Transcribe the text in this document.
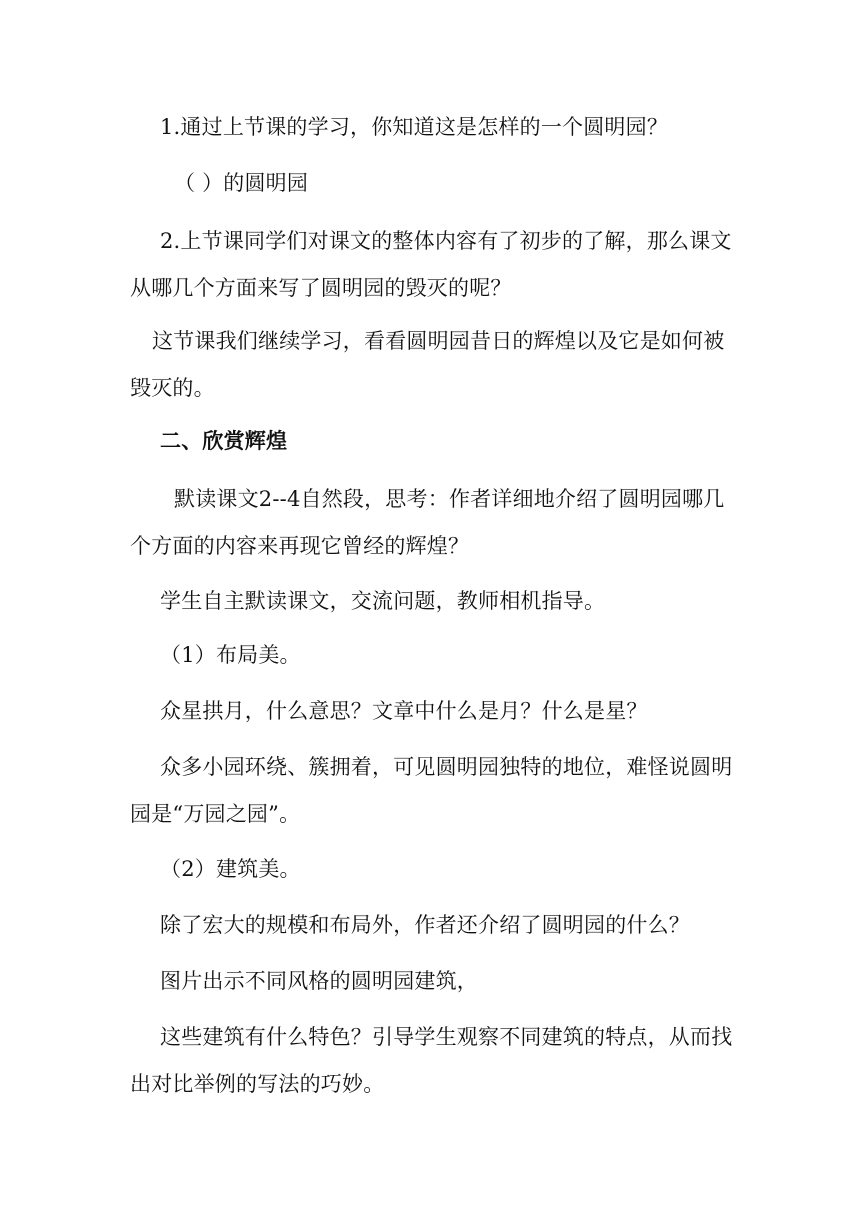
1.通过上节课的学习，你知道这是怎样的一个圆明园？

（ ）的圆明园

2.上节课同学们对课文的整体内容有了初步的了解，那么课文从哪几个方面来写了圆明园的毁灭的呢？

这节课我们继续学习，看看圆明园昔日的辉煌以及它是如何被毁灭的。

二、欣赏辉煌

默读课文2--4自然段，思考：作者详细地介绍了圆明园哪几个方面的内容来再现它曾经的辉煌？

学生自主默读课文，交流问题，教师相机指导。

（1）布局美。

众星拱月，什么意思？文章中什么是月？什么是星？

众多小园环绕、簇拥着，可见圆明园独特的地位，难怪说圆明园是“万园之园”。

（2）建筑美。

除了宏大的规模和布局外，作者还介绍了圆明园的什么？

图片出示不同风格的圆明园建筑，

这些建筑有什么特色？引导学生观察不同建筑的特点，从而找出对比举例的写法的巧妙。
